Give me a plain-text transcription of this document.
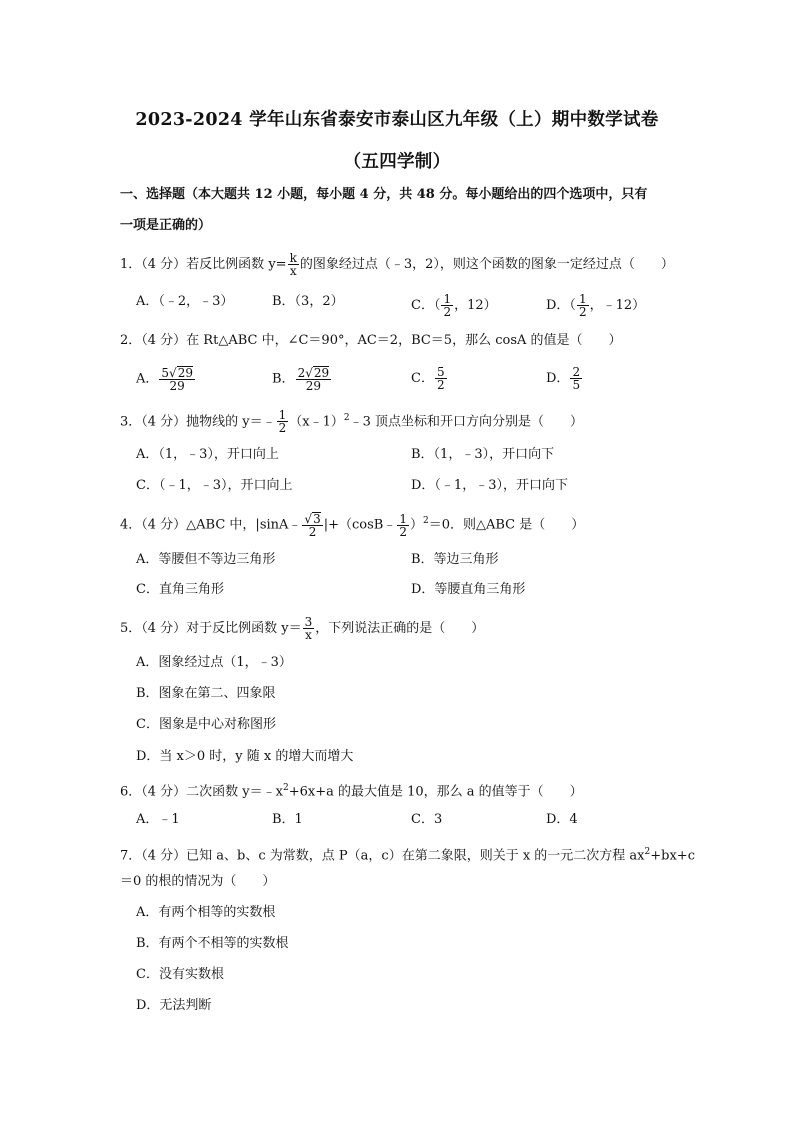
2023-2024 学年山东省泰安市泰山区九年级（上）期中数学试卷
（五四学制）
一、选择题（本大题共 12 小题，每小题 4 分，共 48 分。每小题给出的四个选项中，只有
一项是正确的）
1．（4 分）若反比例函数 $y= \frac{k}{x}$ 的图象经过点（﹣3，2），则这个函数的图象一定经过点（　　）
A．（﹣2，﹣3）	B．（3，2）	C．（ $\frac{1}{2}$ ，12）	D．（ $\frac{1}{2}$ ，﹣12）
2．（4 分）在 Rt△ABC 中，∠C＝90°，AC＝2，BC＝5，那么 cosA 的值是（　　）
A． $\frac{5√29}{29}$	B． $\frac{2√29}{29}$	C． $\frac{5}{2}$	D． $\frac{2}{5}$
3．（4 分）抛物线的 y＝﹣ $\frac{1}{2}$ （x﹣1）$^2$﹣3 顶点坐标和开口方向分别是（　　）
A．（1，﹣3），开口向上	B．（1，﹣3），开口向下
C．（﹣1，﹣3），开口向上	D．（﹣1，﹣3），开口向下
4．（4 分）△ABC 中，|sinA﹣ $\frac{√3}{2}$ |+（cosB﹣ $\frac{1}{2} )^2=0$．则△ABC 是（　　）
A．等腰但不等边三角形	B．等边三角形
C．直角三角形	D．等腰直角三角形
5．（4 分）对于反比例函数 $y= \frac{3}{x}$ ，下列说法正确的是（　　）
A．图象经过点（1，﹣3）
B．图象在第二、四象限
C．图象是中心对称图形
D．当 x＞0 时，y 随 x 的增大而增大
6．（4 分）二次函数 $y=﹣x^2+6x+a$ 的最大值是 10，那么 a 的值等于（　　）
A．﹣1	B．1	C．3	D．4
7．（4 分）已知 a、b、c 为常数，点 P（a，c）在第二象限，则关于 x 的一元二次方程 $ax^2+bx+c$
＝0 的根的情况为（　　）
A．有两个相等的实数根
B．有两个不相等的实数根
C．没有实数根
D．无法判断
